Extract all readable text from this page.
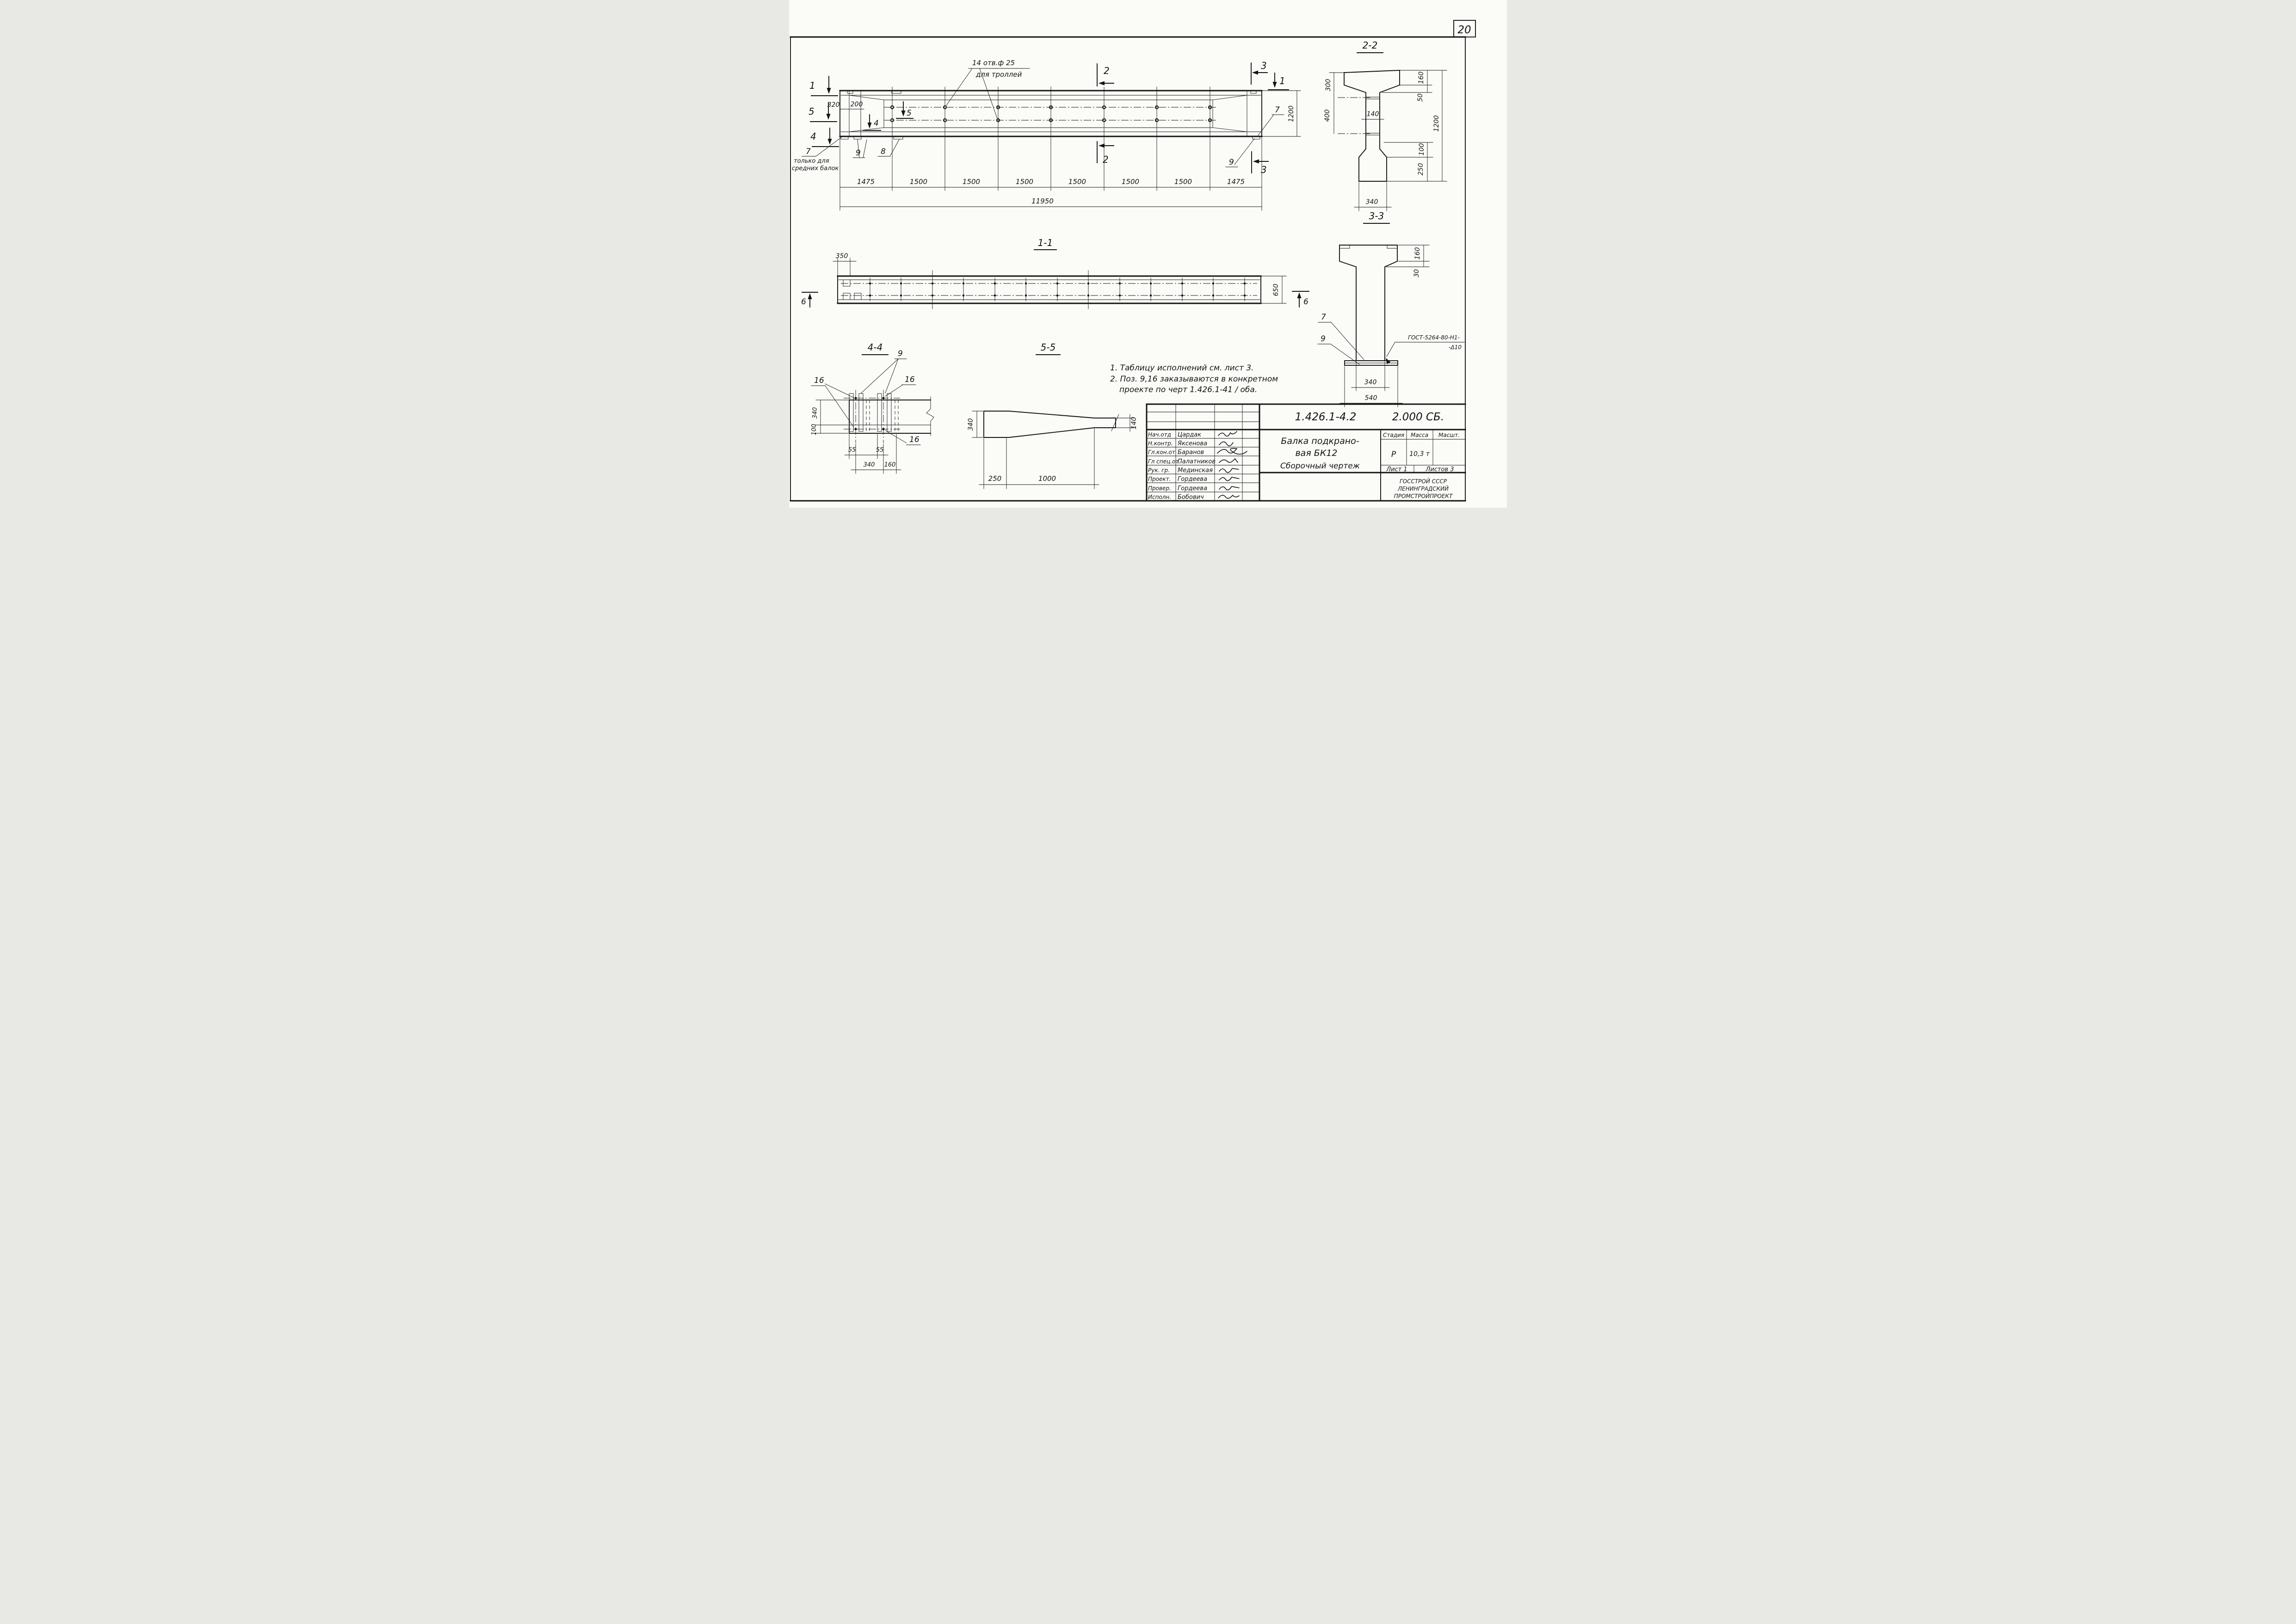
20
14 отв.ф 25
для троллей
320 200
1
5
4
5
4
2	3
1
2
3
7
только для
средних балок
9	8
7
9
1200
1475	1500	1500	1500	1500	1500	1500	1475
11950
1-1
350
650
6	6
2-2
300
400
160
50
140
1200
100
250
340
3-3
ГОСТ-5264-80-Н1-
-Δ10
7
9
160
30
340
540
4-4
9
16	16
16
340
100
55	55
340 160
5-5
340	140
250	1000
1. Таблицу исполнений см. лист 3.
2. Поз. 9,16 заказываются в конкретном
проекте по черт 1.426.1-41 / обa.
1.426.1-4.2	2.000 СБ.
Балка подкрано-
вая БК12
Сборочный чертеж
Стадия Масса Масшт.
Р 10,3 т
Лист 1	Листов 3
ГОССТРОЙ СССР
ЛЕНИНГРАДСКИЙ
ПРОМСТРОЙПРОЕКТ
Нач.отд Цардак
Н.контр. Яксенова
Гл.кон.от. Баранов
Гл спец.от.
Палатников
Рук. гр. Мединская
Проект. Гордеева
Провер. Гордеева
Исполн. Бобович
